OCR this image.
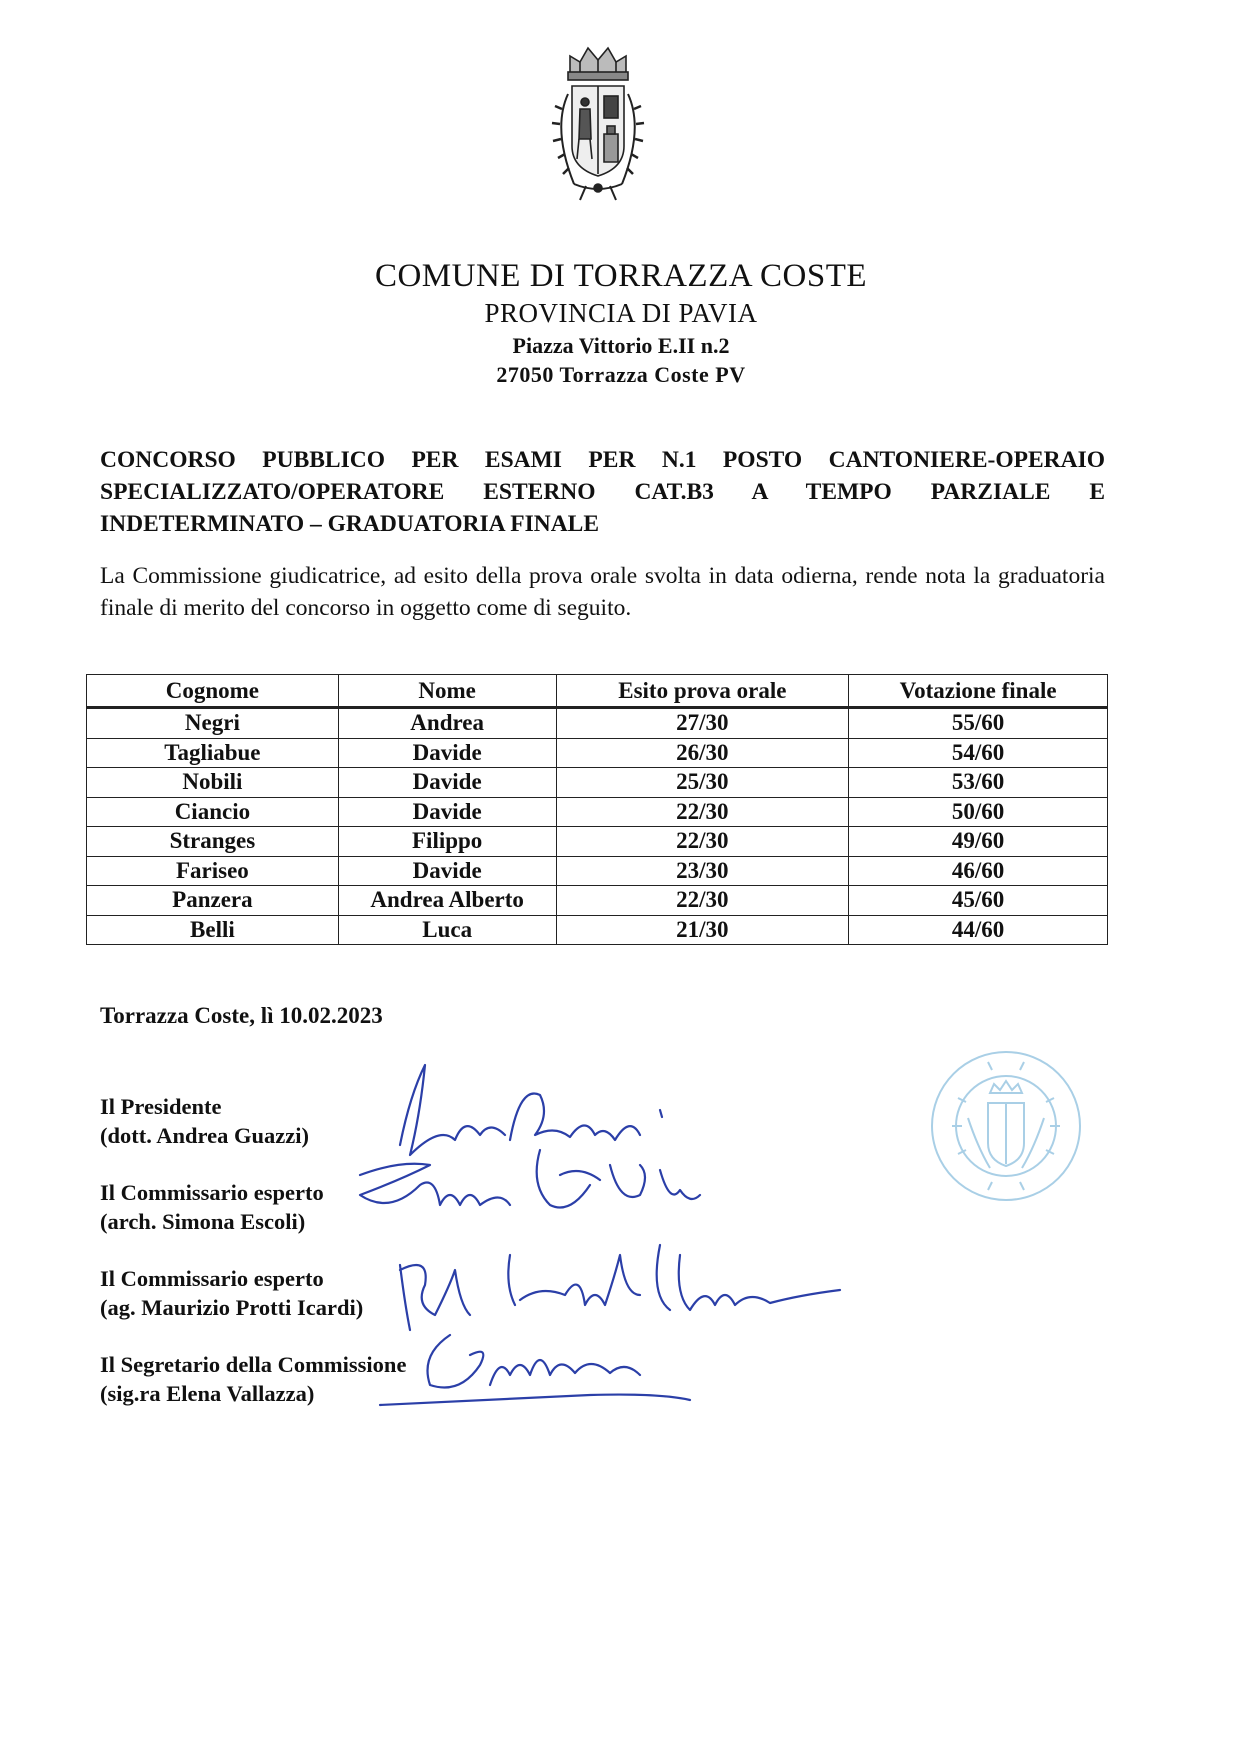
COMUNE DI TORRAZZA COSTE
PROVINCIA DI PAVIA
Piazza Vittorio E.II n.2
27050 Torrazza Coste PV
CONCORSO PUBBLICO PER ESAMI PER N.1 POSTO CANTONIERE-OPERAIO SPECIALIZZATO/OPERATORE ESTERNO CAT.B3 A TEMPO PARZIALE E INDETERMINATO – GRADUATORIA FINALE
La Commissione giudicatrice, ad esito della prova orale svolta in data odierna, rende nota la graduatoria finale di merito del concorso in oggetto come di seguito.
Cognome	Nome	Esito prova orale	Votazione finale
Negri	Andrea	27/30	55/60
Tagliabue	Davide	26/30	54/60
Nobili	Davide	25/30	53/60
Ciancio	Davide	22/30	50/60
Stranges	Filippo	22/30	49/60
Fariseo	Davide	23/30	46/60
Panzera	Andrea Alberto	22/30	45/60
Belli	Luca	21/30	44/60
Torrazza Coste, lì 10.02.2023
Il Presidente
(dott. Andrea Guazzi)
Il Commissario esperto
(arch. Simona Escoli)
Il Commissario esperto
(ag. Maurizio Protti Icardi)
Il Segretario della Commissione
(sig.ra Elena Vallazza)
